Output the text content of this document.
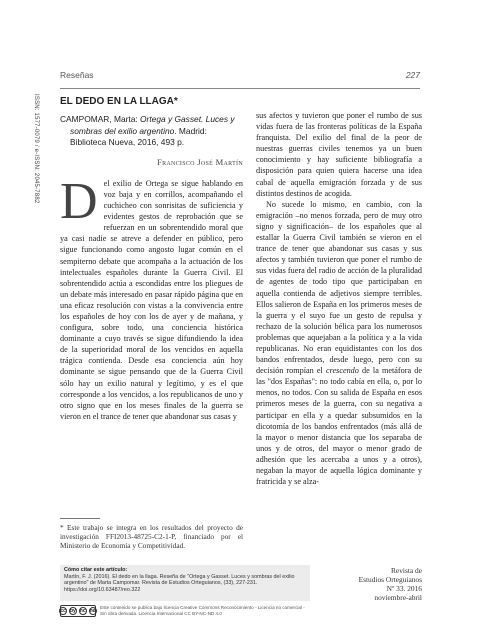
Reseñas	227
ISSN: 1577-0079 / e-ISSN: 2045-7882 EL DEDO EN LA LLAGA*

CAMPOMAR, Marta: Ortega y Gasset. Luces y sombras del exilio argentino. Madrid: Biblioteca Nueva, 2016, 493 p.

Francisco José Martín

D el exilio de Ortega se sigue hablando en voz baja y en corrillos, acompañando el cuchicheo con sonrisitas de suficiencia y evidentes gestos de reprobación que se refuerzan en un sobrentendido moral que ya casi nadie se atreve a defender en público, pero sigue funcionando como angosto lugar común en el sempiterno debate que acompaña a la actuación de los intelectuales españoles durante la Guerra Civil. El sobrentendido actúa a escondidas entre los pliegues de un debate más interesado en pasar rápido página que en una eficaz resolución con vistas a la convivencia entre los españoles de hoy con los de ayer y de mañana, y configura, sobre todo, una conciencia histórica dominante a cuyo través se sigue difundiendo la idea de la superioridad moral de los vencidos en aquella trágica contienda. Desde esa conciencia aún hoy dominante se sigue pensando que de la Guerra Civil sólo hay un exilio natural y legítimo, y es el que corresponde a los vencidos, a los republicanos de uno y otro signo que en los meses finales de la guerra se vieron en el trance de tener que abandonar sus casas y

sus afectos y tuvieron que poner el rumbo de sus vidas fuera de las fronteras políticas de la España franquista. Del exilio del final de la peor de nuestras guerras civiles tenemos ya un buen conocimiento y hay suficiente bibliografía a disposición para quien quiera hacerse una idea cabal de aquella emigración forzada y de sus distintos destinos de acogida.

No sucede lo mismo, en cambio, con la emigración –no menos forzada, pero de muy otro signo y significación– de los españoles que al estallar la Guerra Civil también se vieron en el trance de tener que abandonar sus casas y sus afectos y también tuvieron que poner el rumbo de sus vidas fuera del radio de acción de la pluralidad de agentes de todo tipo que participaban en aquella contienda de adjetivos siempre terribles. Ellos salieron de España en los primeros meses de la guerra y el suyo fue un gesto de repulsa y rechazo de la solución bélica para los numerosos problemas que aquejaban a la política y a la vida republicanas. No eran equidistantes con los dos bandos enfrentados, desde luego, pero con su decisión rompían el crescendo de la metáfora de las "dos Españas": no todo cabía en ella, o, por lo menos, no todos. Con su salida de España en esos primeros meses de la guerra, con su negativa a participar en ella y a quedar subsumidos en la dicotomía de los bandos enfrentados (más allá de la mayor o menor distancia que los separaba de unos y de otros, del mayor o menor grado de adhesión que les acercaba a unos y a otros), negaban la mayor de aquella lógica dominante y fratricida y se alza-

* Este trabajo se integra en los resultados del proyecto de investigación FFI2013-48725-C2-1-P, financiado por el Ministerio de Economía y Competitividad.

Cómo citar este artículo:
Martín, F. J. (2016). El dedo en la llaga. Reseña de "Ortega y Gasset. Luces y sombras del exilio argentino" de Marta Campomar. Revista de Estudios Orteguianos, (33), 227-231.
https://doi.org/10.63487/reo.322
cc by nc nd
Este contenido se publica bajo licencia Creative Commons Reconocimiento - Licencia no comercial - Sin obra derivada. Licencia Internacional CC BY-NC-ND 4.0
Revista de
Estudios Orteguianos
Nº 33. 2016
noviembre-abril
